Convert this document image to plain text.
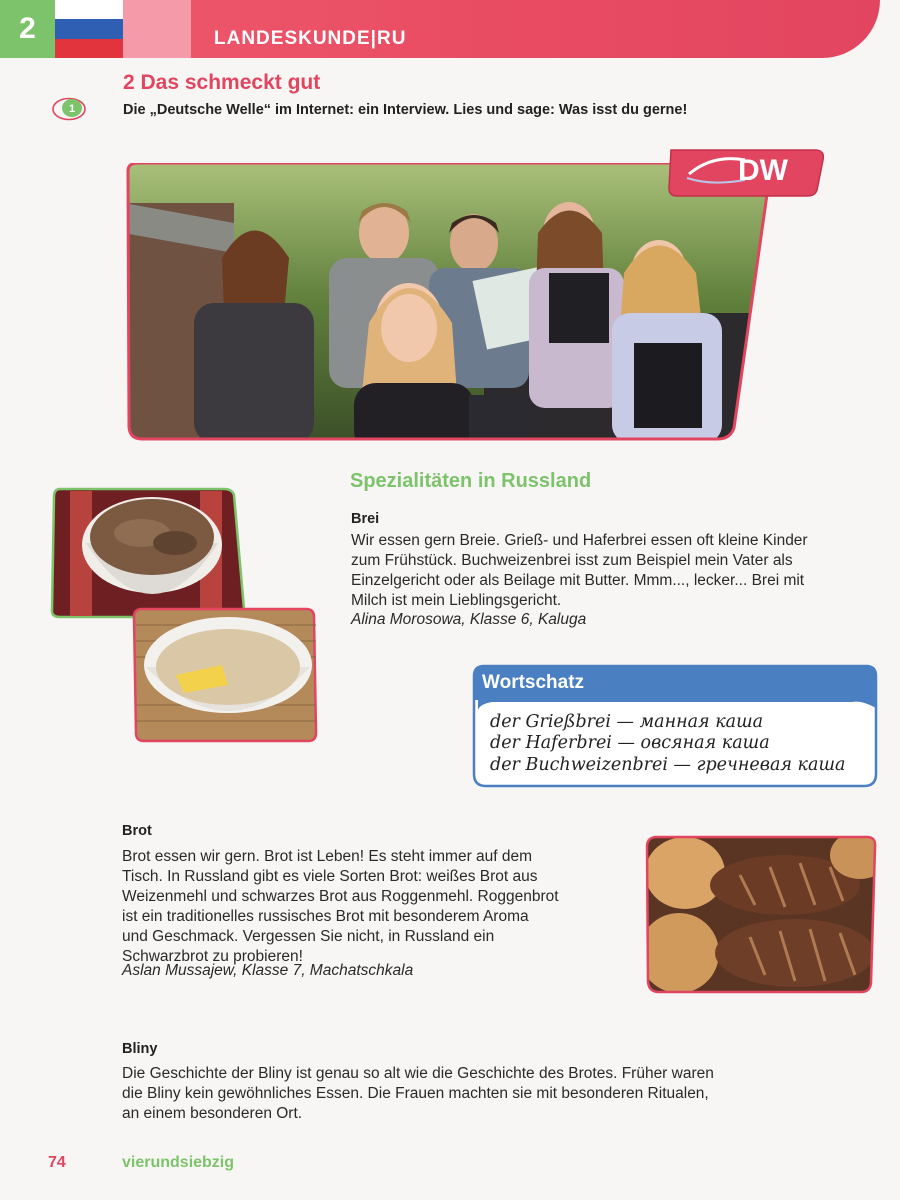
2	LANDESKUNDE|RU
2 Das schmeckt gut
1	Die „Deutsche Welle“ im Internet: ein Interview. Lies und sage: Was isst du gerne!
DW
Spezialitäten in Russland
Brei
Wir essen gern Breie. Grieß- und Haferbrei essen oft kleine Kinder
zum Frühstück. Buchweizenbrei isst zum Beispiel mein Vater als
Einzelgericht oder als Beilage mit Butter. Mmm..., lecker... Brei mit
Milch ist mein Lieblingsgericht.
Alina Morosowa, Klasse 6, Kaluga
Wortschatz
der Grießbrei — манная каша
der Haferbrei — овсяная каша
der Buchweizenbrei — гречневая каша
Brot
Brot essen wir gern. Brot ist Leben! Es steht immer auf dem
Tisch. In Russland gibt es viele Sorten Brot: weißes Brot aus
Weizenmehl und schwarzes Brot aus Roggenmehl. Roggenbrot
ist ein traditionelles russisches Brot mit besonderem Aroma
und Geschmack. Vergessen Sie nicht, in Russland ein
Schwarzbrot zu probieren!
Aslan Mussajew, Klasse 7, Machatschkala
Bliny
Die Geschichte der Bliny ist genau so alt wie die Geschichte des Brotes. Früher waren
die Bliny kein gewöhnliches Essen. Die Frauen machten sie mit besonderen Ritualen,
an einem besonderen Ort.
74	vierundsiebzig
